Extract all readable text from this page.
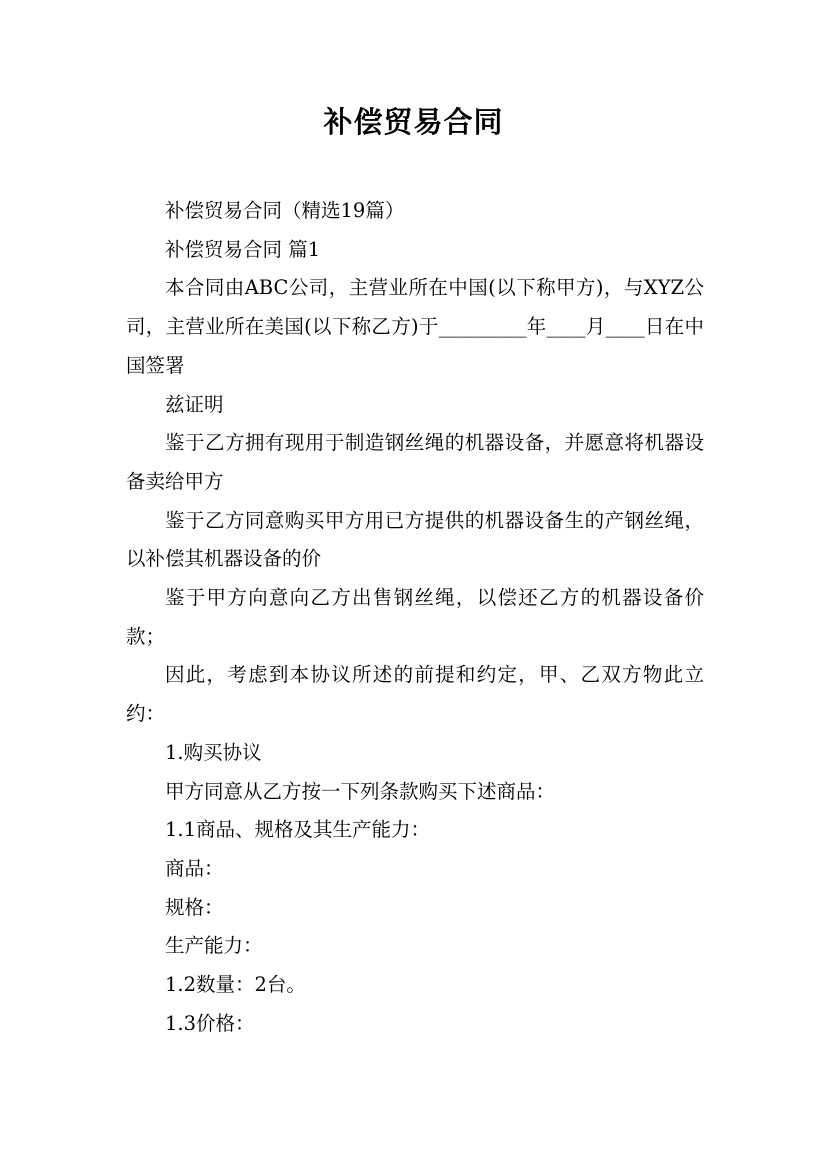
补偿贸易合同

补偿贸易合同（精选19篇）

补偿贸易合同 篇1

本合同由ABC公司，主营业所在中国(以下称甲方)，与XYZ公司，主营业所在美国(以下称乙方)于_________年____月____日在中国签署

兹证明

鉴于乙方拥有现用于制造钢丝绳的机器设备，并愿意将机器设备卖给甲方

鉴于乙方同意购买甲方用已方提供的机器设备生的产钢丝绳，以补偿其机器设备的价

鉴于甲方向意向乙方出售钢丝绳，以偿还乙方的机器设备价款；

因此，考虑到本协议所述的前提和约定，甲、乙双方物此立约：

1.购买协议

甲方同意从乙方按一下列条款购买下述商品：

1.1商品、规格及其生产能力：

商品：

规格：

生产能力：

1.2数量：2台。

1.3价格：
